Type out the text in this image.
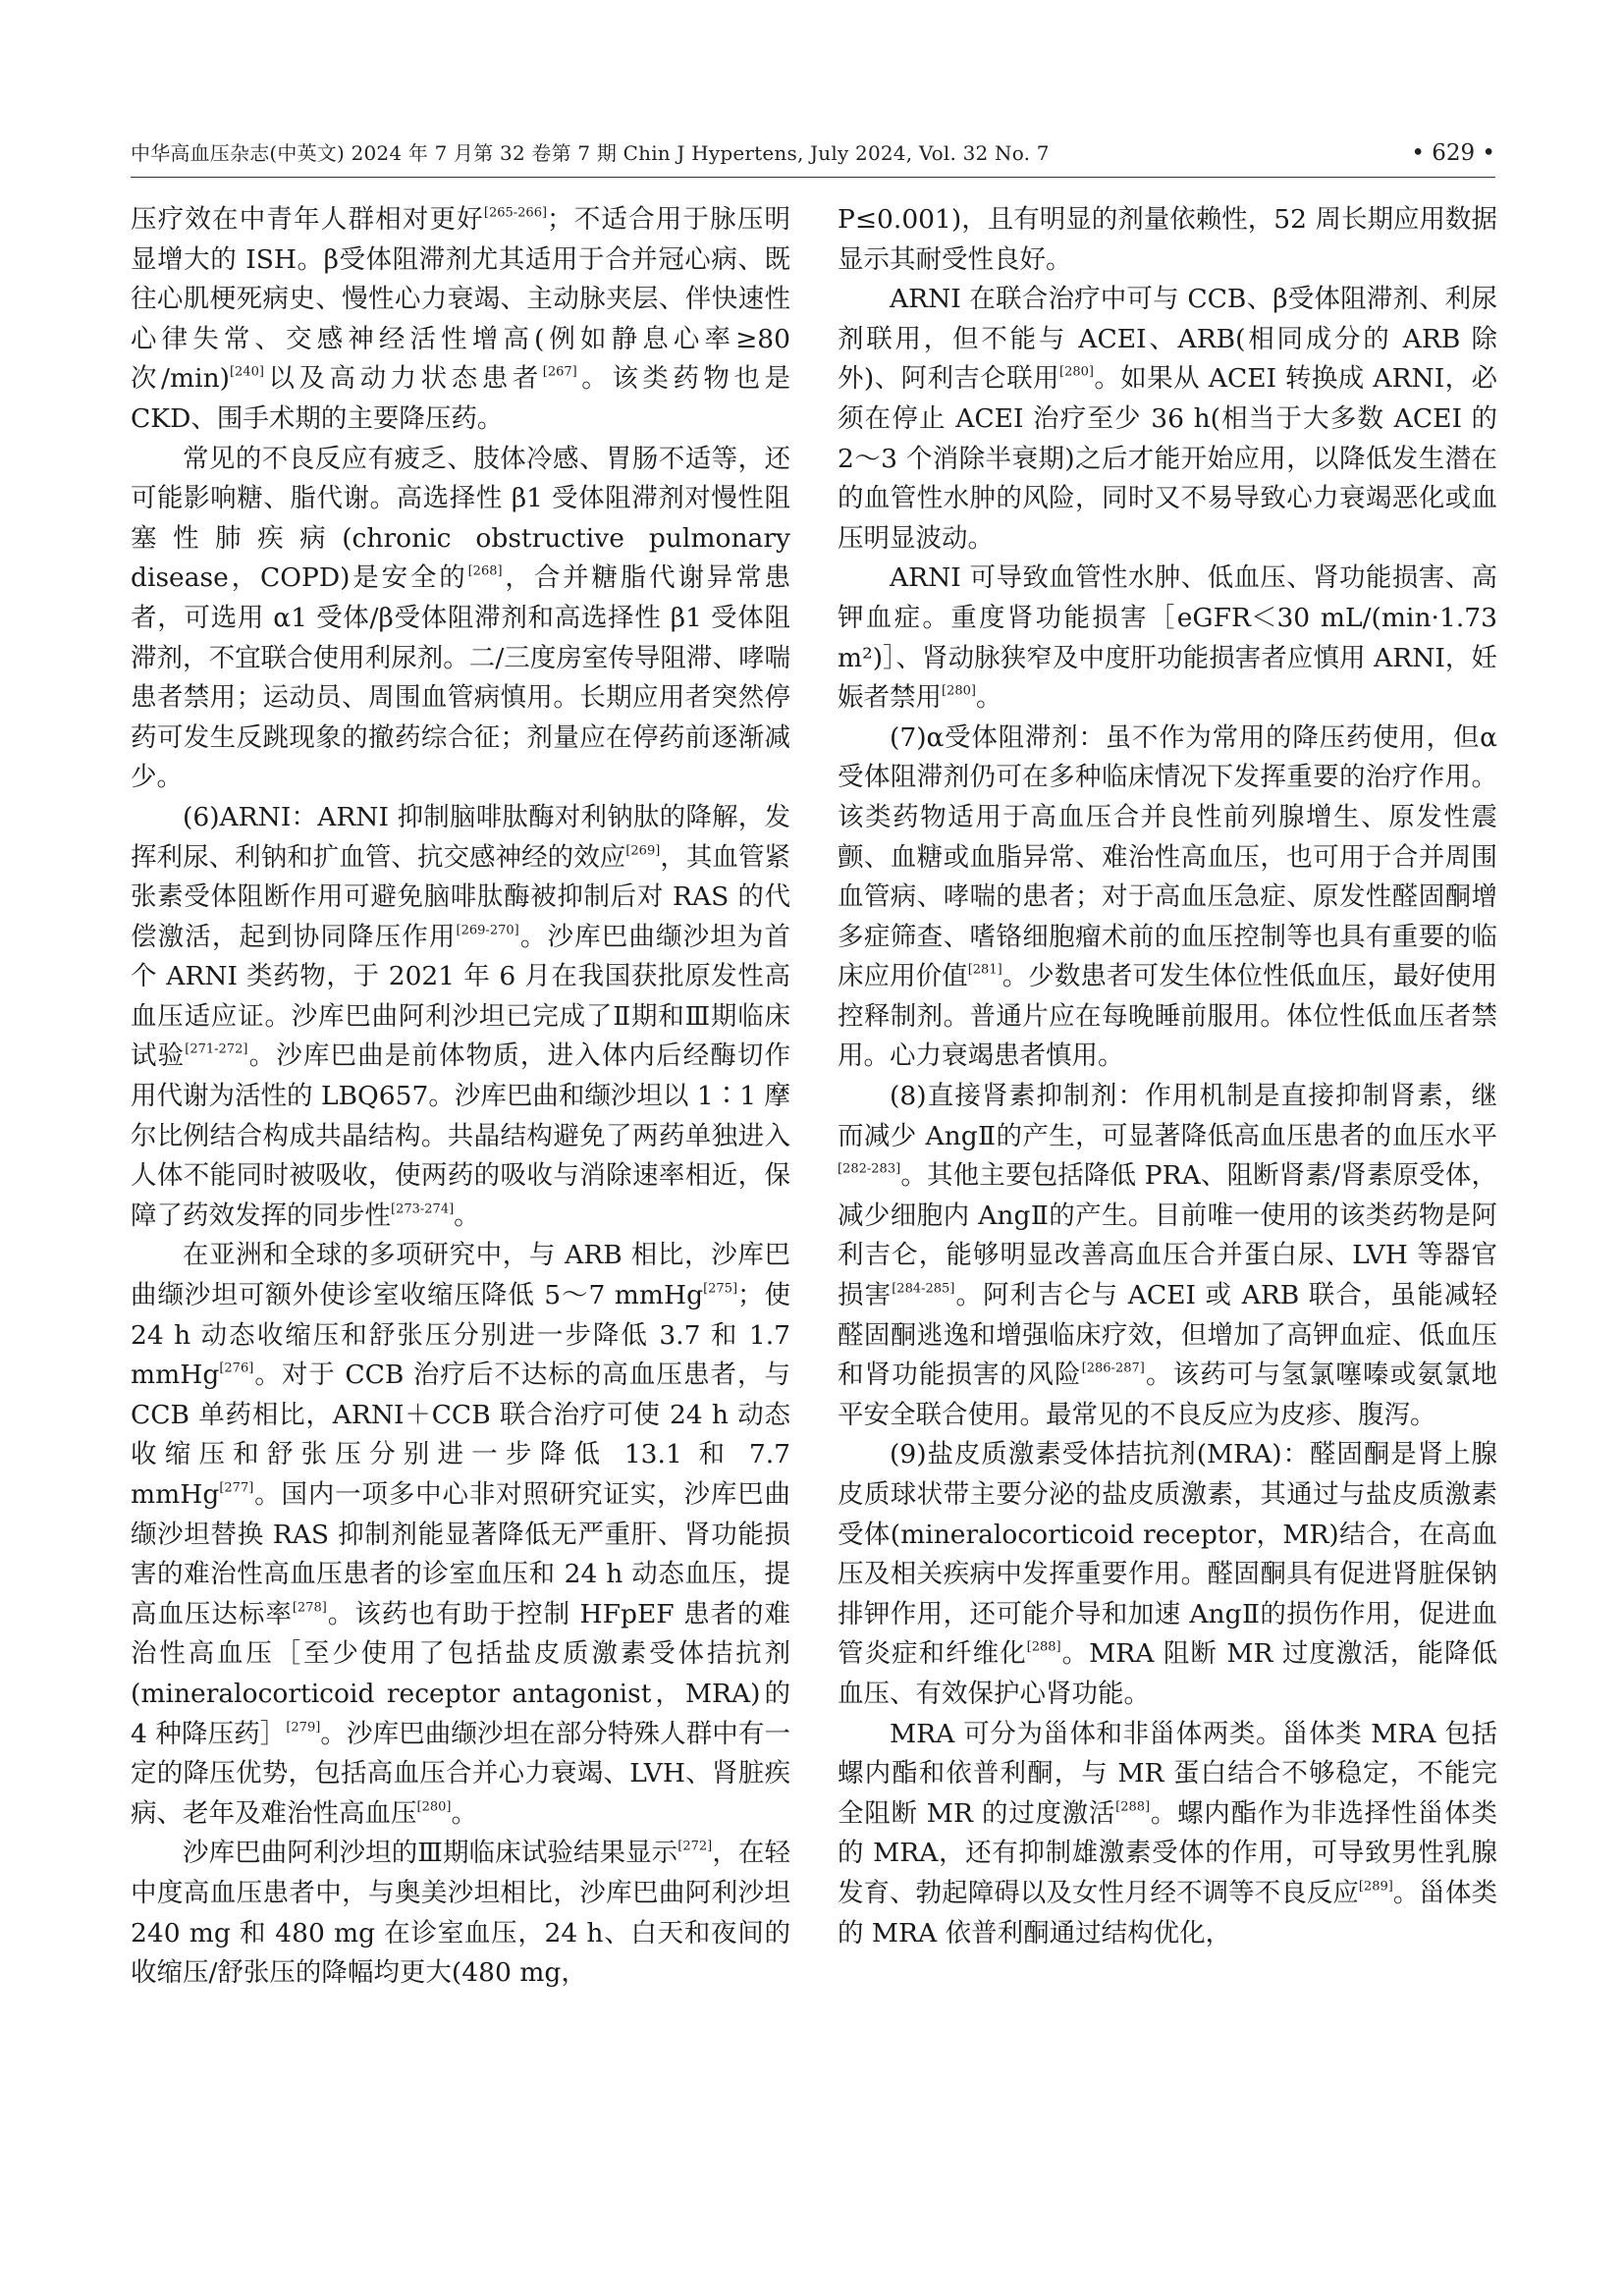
中华高血压杂志(中英文) 2024 年 7 月第 32 卷第 7 期 Chin J Hypertens, July 2024, Vol. 32 No. 7	• 629 •

压疗效在中青年人群相对更好[265-266]；不适合用于脉压明显增大的 ISH。β受体阻滞剂尤其适用于合并冠心病、既往心肌梗死病史、慢性心力衰竭、主动脉夹层、伴快速性心律失常、交感神经活性增高(例如静息心率≥80 次/min)[240]以及高动力状态患者[267]。该类药物也是 CKD、围手术期的主要降压药。

常见的不良反应有疲乏、肢体冷感、胃肠不适等，还可能影响糖、脂代谢。高选择性 β1 受体阻滞剂对慢性阻塞性肺疾病(chronic obstructive pulmonary disease，COPD)是安全的[268]，合并糖脂代谢异常患者，可选用 α1 受体/β受体阻滞剂和高选择性 β1 受体阻滞剂，不宜联合使用利尿剂。二/三度房室传导阻滞、哮喘患者禁用；运动员、周围血管病慎用。长期应用者突然停药可发生反跳现象的撤药综合征；剂量应在停药前逐渐减少。

(6)ARNI：ARNI 抑制脑啡肽酶对利钠肽的降解，发挥利尿、利钠和扩血管、抗交感神经的效应[269]，其血管紧张素受体阻断作用可避免脑啡肽酶被抑制后对 RAS 的代偿激活，起到协同降压作用[269-270]。沙库巴曲缬沙坦为首个 ARNI 类药物，于 2021 年 6 月在我国获批原发性高血压适应证。沙库巴曲阿利沙坦已完成了Ⅱ期和Ⅲ期临床试验[271-272]。沙库巴曲是前体物质，进入体内后经酶切作用代谢为活性的 LBQ657。沙库巴曲和缬沙坦以 1∶1 摩尔比例结合构成共晶结构。共晶结构避免了两药单独进入人体不能同时被吸收，使两药的吸收与消除速率相近，保障了药效发挥的同步性[273-274]。

在亚洲和全球的多项研究中，与 ARB 相比，沙库巴曲缬沙坦可额外使诊室收缩压降低 5～7 mmHg[275]；使 24 h 动态收缩压和舒张压分别进一步降低 3.7 和 1.7 mmHg[276]。对于 CCB 治疗后不达标的高血压患者，与 CCB 单药相比，ARNI＋CCB 联合治疗可使 24 h 动态收缩压和舒张压分别进一步降低 13.1 和 7.7 mmHg[277]。国内一项多中心非对照研究证实，沙库巴曲缬沙坦替换 RAS 抑制剂能显著降低无严重肝、肾功能损害的难治性高血压患者的诊室血压和 24 h 动态血压，提高血压达标率[278]。该药也有助于控制 HFpEF 患者的难治性高血压［至少使用了包括盐皮质激素受体拮抗剂(mineralocorticoid receptor antagonist，MRA)的 4 种降压药］[279]。沙库巴曲缬沙坦在部分特殊人群中有一定的降压优势，包括高血压合并心力衰竭、LVH、肾脏疾病、老年及难治性高血压[280]。

沙库巴曲阿利沙坦的Ⅲ期临床试验结果显示[272]，在轻中度高血压患者中，与奥美沙坦相比，沙库巴曲阿利沙坦 240 mg 和 480 mg 在诊室血压，24 h、白天和夜间的收缩压/舒张压的降幅均更大(480 mg，

P≤0.001)，且有明显的剂量依赖性，52 周长期应用数据显示其耐受性良好。

ARNI 在联合治疗中可与 CCB、β受体阻滞剂、利尿剂联用，但不能与 ACEI、ARB(相同成分的 ARB 除外)、阿利吉仑联用[280]。如果从 ACEI 转换成 ARNI，必须在停止 ACEI 治疗至少 36 h(相当于大多数 ACEI 的 2～3 个消除半衰期)之后才能开始应用，以降低发生潜在的血管性水肿的风险，同时又不易导致心力衰竭恶化或血压明显波动。

ARNI 可导致血管性水肿、低血压、肾功能损害、高钾血症。重度肾功能损害［eGFR＜30 mL/(min·1.73 m²)］、肾动脉狭窄及中度肝功能损害者应慎用 ARNI，妊娠者禁用[280]。

(7)α受体阻滞剂：虽不作为常用的降压药使用，但α受体阻滞剂仍可在多种临床情况下发挥重要的治疗作用。该类药物适用于高血压合并良性前列腺增生、原发性震颤、血糖或血脂异常、难治性高血压，也可用于合并周围血管病、哮喘的患者；对于高血压急症、原发性醛固酮增多症筛查、嗜铬细胞瘤术前的血压控制等也具有重要的临床应用价值[281]。少数患者可发生体位性低血压，最好使用控释制剂。普通片应在每晚睡前服用。体位性低血压者禁用。心力衰竭患者慎用。

(8)直接肾素抑制剂：作用机制是直接抑制肾素，继而减少 AngⅡ的产生，可显著降低高血压患者的血压水平[282-283]。其他主要包括降低 PRA、阻断肾素/肾素原受体，减少细胞内 AngⅡ的产生。目前唯一使用的该类药物是阿利吉仑，能够明显改善高血压合并蛋白尿、LVH 等器官损害[284-285]。阿利吉仑与 ACEI 或 ARB 联合，虽能减轻醛固酮逃逸和增强临床疗效，但增加了高钾血症、低血压和肾功能损害的风险[286-287]。该药可与氢氯噻嗪或氨氯地平安全联合使用。最常见的不良反应为皮疹、腹泻。

(9)盐皮质激素受体拮抗剂(MRA)：醛固酮是肾上腺皮质球状带主要分泌的盐皮质激素，其通过与盐皮质激素受体(mineralocorticoid receptor，MR)结合，在高血压及相关疾病中发挥重要作用。醛固酮具有促进肾脏保钠排钾作用，还可能介导和加速 AngⅡ的损伤作用，促进血管炎症和纤维化[288]。MRA 阻断 MR 过度激活，能降低血压、有效保护心肾功能。

MRA 可分为甾体和非甾体两类。甾体类 MRA 包括螺内酯和依普利酮，与 MR 蛋白结合不够稳定，不能完全阻断 MR 的过度激活[288]。螺内酯作为非选择性甾体类的 MRA，还有抑制雄激素受体的作用，可导致男性乳腺发育、勃起障碍以及女性月经不调等不良反应[289]。甾体类的 MRA 依普利酮通过结构优化，
